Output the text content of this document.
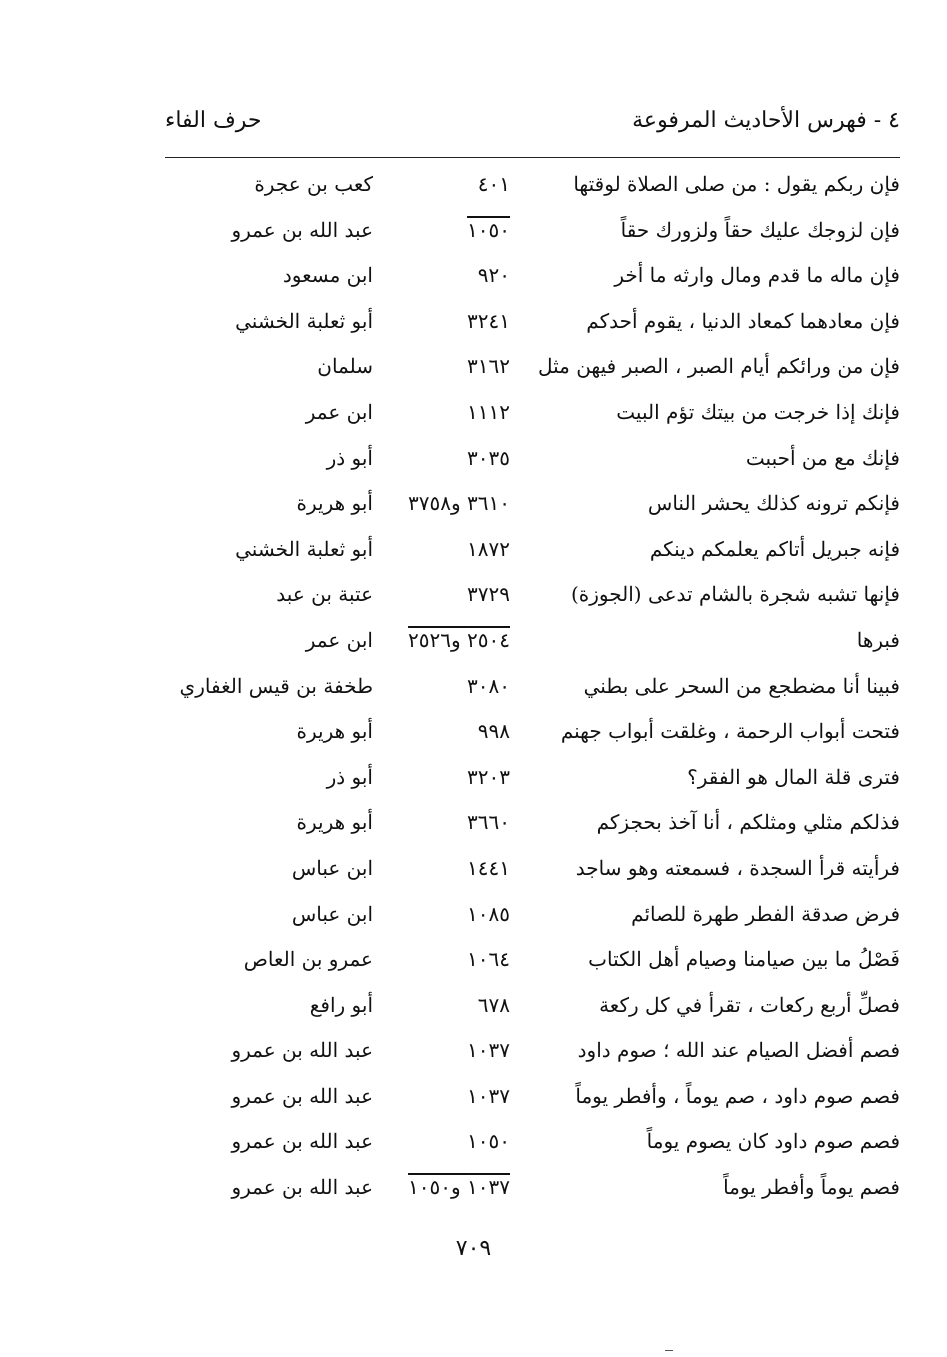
٤ - فهرس الأحاديث المرفوعة
حرف الفاء
فإن ربكم يقول : من صلى الصلاة لوقتها
٤٠١
كعب بن عجرة
فإن لزوجك عليك حقاً ولزورك حقاً
١٠٥٠
عبد الله بن عمرو
فإن ماله ما قدم ومال وارثه ما أخر
٩٢٠
ابن مسعود
فإن معادهما كمعاد الدنيا ، يقوم أحدكم
٣٢٤١
أبو ثعلبة الخشني
فإن من ورائكم أيام الصبر ، الصبر فيهن مثل
٣١٦٢
سلمان
فإنك إذا خرجت من بيتك تؤم البيت
١١١٢
ابن عمر
فإنك مع من أحببت
٣٠٣٥
أبو ذر
فإنكم ترونه كذلك يحشر الناس
٣٦١٠ و٣٧٥٨
أبو هريرة
فإنه جبريل أتاكم يعلمكم دينكم
١٨٧٢
أبو ثعلبة الخشني
فإنها تشبه شجرة بالشام تدعى (الجوزة)
٣٧٢٩
عتبة بن عبد
فبرها
٢٥٠٤ و٢٥٢٦
ابن عمر
فبينا أنا مضطجع من السحر على بطني
٣٠٨٠
طخفة بن قيس الغفاري
فتحت أبواب الرحمة ، وغلقت أبواب جهنم
٩٩٨
أبو هريرة
فترى قلة المال هو الفقر؟
٣٢٠٣
أبو ذر
فذلكم مثلي ومثلكم ، أنا آخذ بحجزكم
٣٦٦٠
أبو هريرة
فرأيته قرأ السجدة ، فسمعته وهو ساجد
١٤٤١
ابن عباس
فرض صدقة الفطر طهرة للصائم
١٠٨٥
ابن عباس
فَصْلُ ما بين صيامنا وصيام أهل الكتاب
١٠٦٤
عمرو بن العاص
فصلِّ أربع ركعات ، تقرأ في كل ركعة
٦٧٨
أبو رافع
فصم أفضل الصيام عند الله ؛ صوم داود
١٠٣٧
عبد الله بن عمرو
فصم صوم داود ، صم يوماً ، وأفطر يوماً
١٠٣٧
عبد الله بن عمرو
فصم صوم داود كان يصوم يوماً
١٠٥٠
عبد الله بن عمرو
فصم يوماً وأفطر يوماً
١٠٣٧ و١٠٥٠
عبد الله بن عمرو
٧٠٩
